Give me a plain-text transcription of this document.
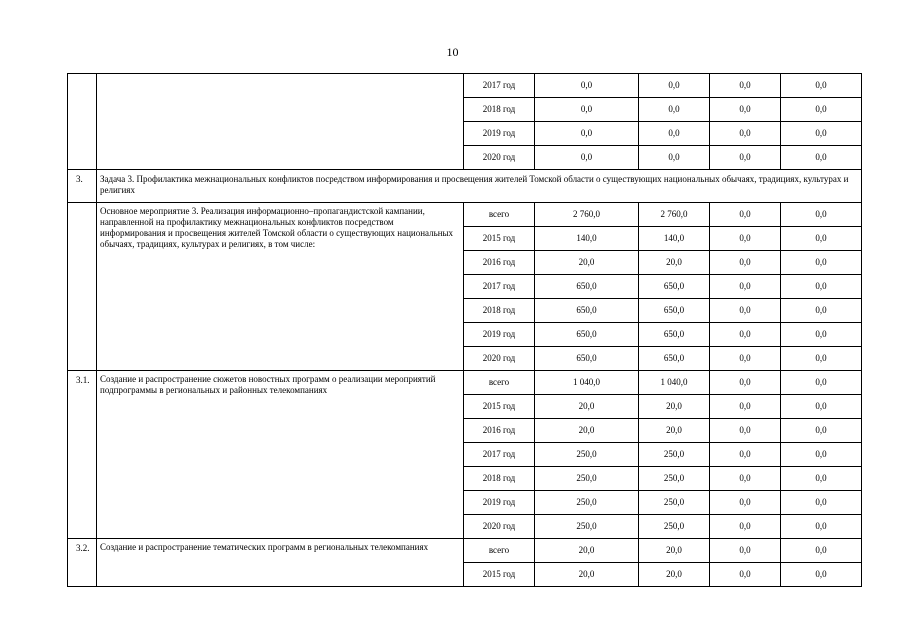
10
		2017 год	0,0	0,0	0,0	0,0
		2018 год	0,0	0,0	0,0	0,0
		2019 год	0,0	0,0	0,0	0,0
		2020 год	0,0	0,0	0,0	0,0
3.	Задача 3. Профилактика межнациональных конфликтов посредством информирования и просвещения жителей Томской области о существующих национальных обычаях, традициях, культурах и религиях					
	Основное мероприятие 3. Реализация информационно–пропагандистской кампании, направленной на профилактику межнациональных конфликтов посредством информирования и просвещения жителей Томской области о существующих национальных обычаях, традициях, культурах и религиях, в том числе:	всего	2 760,0	2 760,0	0,0	0,0
		2015 год	140,0	140,0	0,0	0,0
		2016 год	20,0	20,0	0,0	0,0
		2017 год	650,0	650,0	0,0	0,0
		2018 год	650,0	650,0	0,0	0,0
		2019 год	650,0	650,0	0,0	0,0
		2020 год	650,0	650,0	0,0	0,0
3.1.	Создание и распространение сюжетов новостных программ о реализации мероприятий подпрограммы в региональных и районных телекомпаниях	всего	1 040,0	1 040,0	0,0	0,0
		2015 год	20,0	20,0	0,0	0,0
		2016 год	20,0	20,0	0,0	0,0
		2017 год	250,0	250,0	0,0	0,0
		2018 год	250,0	250,0	0,0	0,0
		2019 год	250,0	250,0	0,0	0,0
		2020 год	250,0	250,0	0,0	0,0
3.2.	Создание и распространение тематических программ в региональных телекомпаниях	всего	20,0	20,0	0,0	0,0
		2015 год	20,0	20,0	0,0	0,0
